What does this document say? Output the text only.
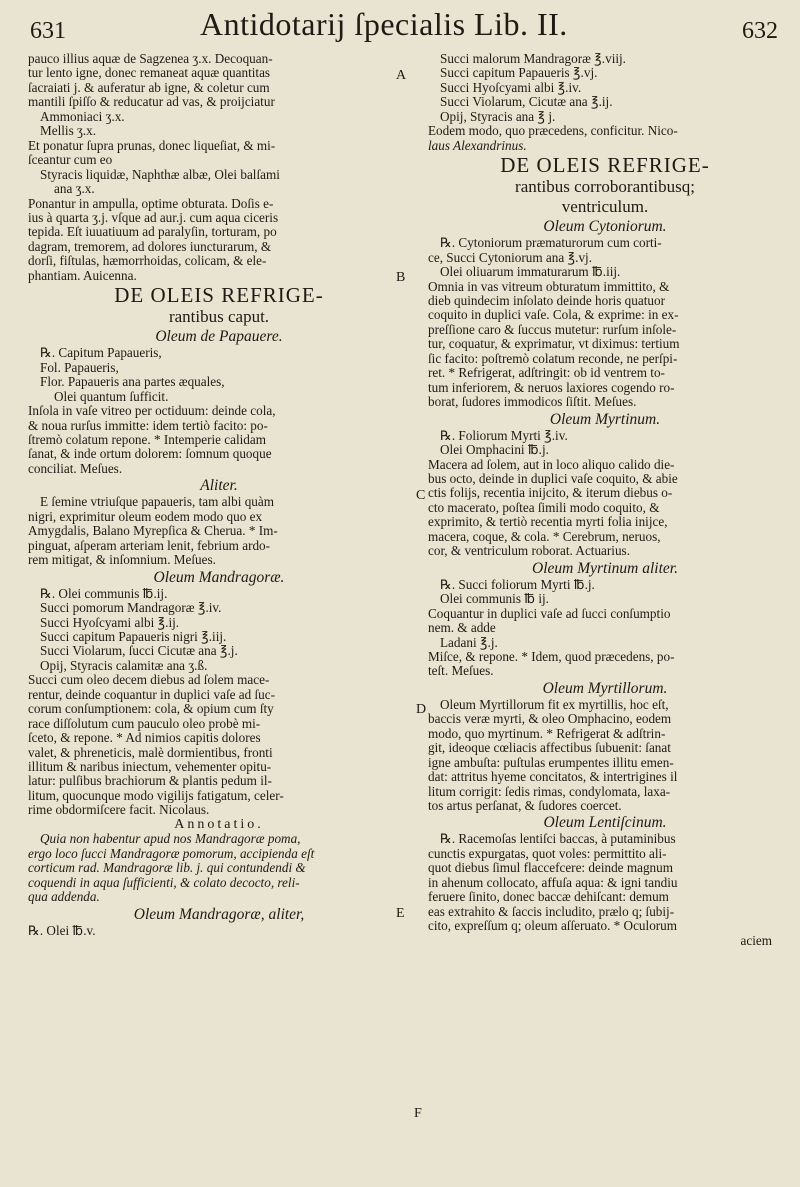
631	Antidotarij ſpecialis Lib. II.	632
A
B
C
D
E
F

pauco illius aquæ de Sagzenea ʒ.x. Decoquan-

tur lento igne, donec remaneat aquæ quantitas

ſacraiati j. & auferatur ab igne, & coletur cum

mantili ſpiſſo & reducatur ad vas, & proijciatur

Ammoniaci ʒ.x.

Mellis ʒ.x.

Et ponatur ſupra prunas, donec liqueſiat, & mi-

ſceantur cum eo

Styracis liquidæ, Naphthæ albæ, Olei balſami

ana ʒ.x.

Ponantur in ampulla, optime obturata. Doſis e-

ius à quarta ʒ.j. vſque ad aur.j. cum aqua ciceris

tepida. Eſt iuuatiuum ad paralyſin, torturam, po

dagram, tremorem, ad dolores iuncturarum, &

dorſi, fiſtulas, hæmorrhoidas, colicam, & ele-

phantiam. Auicenna.

DE OLEIS REFRIGE-

rantibus caput.

Oleum de Papauere.

℞. Capitum Papaueris,

Fol. Papaueris,

Flor. Papaueris ana partes æquales,

Olei quantum ſufficit.

Inſola in vaſe vitreo per octiduum: deinde cola,

& noua rurſus immitte: idem tertiò facito: po-

ſtremò colatum repone. * Intemperie calidam

ſanat, & inde ortum dolorem: ſomnum quoque

conciliat. Meſues.

Aliter.

E ſemine vtriuſque papaueris, tam albi quàm

nigri, exprimitur oleum eodem modo quo ex

Amygdalis, Balano Myrepſica & Cherua. * Im-

pinguat, aſperam arteriam lenit, febrium ardo-

rem mitigat, & inſomnium. Meſues.

Oleum Mandragoræ.

℞. Olei communis ℔.ij.

Succi pomorum Mandragoræ ℥.iv.

Succi Hyoſcyami albi ℥.ij.

Succi capitum Papaueris nigri ℥.iij.

Succi Violarum, ſucci Cicutæ ana ℥.j.

Opij, Styracis calamitæ ana ʒ.ß.

Succi cum oleo decem diebus ad ſolem mace-

rentur, deinde coquantur in duplici vaſe ad ſuc-

corum conſumptionem: cola, & opium cum ſty

race diſſolutum cum pauculo oleo probè mi-

ſceto, & repone. * Ad nimios capitis dolores

valet, & phreneticis, malè dormientibus, fronti

illitum & naribus iniectum, vehementer opitu-

latur: pulſibus brachiorum & plantis pedum il-

litum, quocunque modo vigilijs fatigatum, celer-

rime obdormiſcere facit. Nicolaus.

Annotatio.

Quia non habentur apud nos Mandragoræ poma,

ergo loco ſucci Mandragoræ pomorum, accipienda eſt

corticum rad. Mandragoræ lib. j. qui contundendi &

coquendi in aqua ſufficienti, & colato decocto, reli-

qua addenda.

Oleum Mandragoræ, aliter,

℞. Olei ℔.v.

Succi malorum Mandragoræ ℥.viij.

Succi capitum Papaueris ℥.vj.

Succi Hyoſcyami albi ℥.iv.

Succi Violarum, Cicutæ ana ℥.ij.

Opij, Styracis ana ℥ j.

Eodem modo, quo præcedens, conficitur. Nico-

laus Alexandrinus.

DE OLEIS REFRIGE-

rantibus corroborantibusq;

ventriculum.

Oleum Cytoniorum.

℞. Cytoniorum præmaturorum cum corti-

ce, Succi Cytoniorum ana ℥.vj.

Olei oliuarum immaturarum ℔.iij.

Omnia in vas vitreum obturatum immittito, &

dieb quindecim inſolato deinde horis quatuor

coquito in duplici vaſe. Cola, & exprime: in ex-

preſſione caro & ſuccus mutetur: rurſum inſole-

tur, coquatur, & exprimatur, vt diximus: tertium

ſic facito: poſtremò colatum reconde, ne perſpi-

ret. * Refrigerat, adſtringit: ob id ventrem to-

tum inferiorem, & neruos laxiores cogendo ro-

borat, ſudores immodicos ſiſtit. Meſues.

Oleum Myrtinum.

℞. Foliorum Myrti ℥.iv.

Olei Omphacini ℔.j.

Macera ad ſolem, aut in loco aliquo calido die-

bus octo, deinde in duplici vaſe coquito, & abie

ctis folijs, recentia inijcito, & iterum diebus o-

cto macerato, poſtea ſimili modo coquito, &

exprimito, & tertiò recentia myrti folia inijce,

macera, coque, & cola. * Cerebrum, neruos,

cor, & ventriculum roborat. Actuarius.

Oleum Myrtinum aliter.

℞. Succi foliorum Myrti ℔.j.

Olei communis ℔ ij.

Coquantur in duplici vaſe ad ſucci conſumptio

nem. & adde

Ladani ℥.j.

Miſce, & repone. * Idem, quod præcedens, po-

teſt. Meſues.

Oleum Myrtillorum.

Oleum Myrtillorum fit ex myrtillis, hoc eſt,

baccis veræ myrti, & oleo Omphacino, eodem

modo, quo myrtinum. * Refrigerat & adſtrin-

git, ideoque cœliacis affectibus ſubuenit: ſanat

igne ambuſta: puſtulas erumpentes illitu emen-

dat: attritus hyeme concitatos, & intertrigines il

litum corrigit: ſedis rimas, condylomata, laxa-

tos artus perſanat, & ſudores coercet.

Oleum Lentiſcinum.

℞. Racemoſas lentiſci baccas, à putaminibus

cunctis expurgatas, quot voles: permittito ali-

quot diebus ſimul flaccefcere: deinde magnum

in ahenum collocato, affuſa aqua: & igni tandiu

feruere ſinito, donec baccæ dehiſcant: demum

eas extrahito & ſaccis includito, prælo q; ſubij-

cito, expreſſum q; oleum aſſeruato. * Oculorum

aciem
